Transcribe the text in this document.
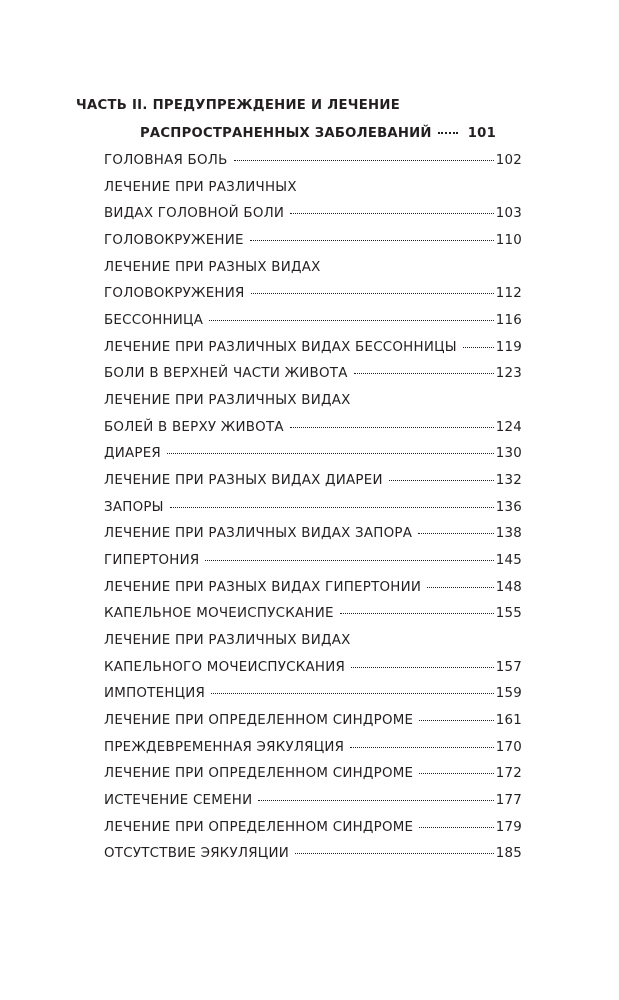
ЧАСТЬ II. ПРЕДУПРЕЖДЕНИЕ И ЛЕЧЕНИЕ
РАСПРОСТРАНЕННЫХ ЗАБОЛЕВАНИЙ	101
ГОЛОВНАЯ БОЛЬ	102
ЛЕЧЕНИЕ ПРИ РАЗЛИЧНЫХ
ВИДАХ ГОЛОВНОЙ БОЛИ	103
ГОЛОВОКРУЖЕНИЕ	110
ЛЕЧЕНИЕ ПРИ РАЗНЫХ ВИДАХ
ГОЛОВОКРУЖЕНИЯ	112
БЕССОННИЦА	116
ЛЕЧЕНИЕ ПРИ РАЗЛИЧНЫХ ВИДАХ БЕССОННИЦЫ	119
БОЛИ В ВЕРХНЕЙ ЧАСТИ ЖИВОТА	123
ЛЕЧЕНИЕ ПРИ РАЗЛИЧНЫХ ВИДАХ
БОЛЕЙ В ВЕРХУ ЖИВОТА	124
ДИАРЕЯ	130
ЛЕЧЕНИЕ ПРИ РАЗНЫХ ВИДАХ ДИАРЕИ	132
ЗАПОРЫ	136
ЛЕЧЕНИЕ ПРИ РАЗЛИЧНЫХ ВИДАХ ЗАПОРА	138
ГИПЕРТОНИЯ	145
ЛЕЧЕНИЕ ПРИ РАЗНЫХ ВИДАХ ГИПЕРТОНИИ	148
КАПЕЛЬНОЕ МОЧЕИСПУСКАНИЕ	155
ЛЕЧЕНИЕ ПРИ РАЗЛИЧНЫХ ВИДАХ
КАПЕЛЬНОГО МОЧЕИСПУСКАНИЯ	157
ИМПОТЕНЦИЯ	159
ЛЕЧЕНИЕ ПРИ ОПРЕДЕЛЕННОМ СИНДРОМЕ	161
ПРЕЖДЕВРЕМЕННАЯ ЭЯКУЛЯЦИЯ	170
ЛЕЧЕНИЕ ПРИ ОПРЕДЕЛЕННОМ СИНДРОМЕ	172
ИСТЕЧЕНИЕ СЕМЕНИ	177
ЛЕЧЕНИЕ ПРИ ОПРЕДЕЛЕННОМ СИНДРОМЕ	179
ОТСУТСТВИЕ ЭЯКУЛЯЦИИ	185
